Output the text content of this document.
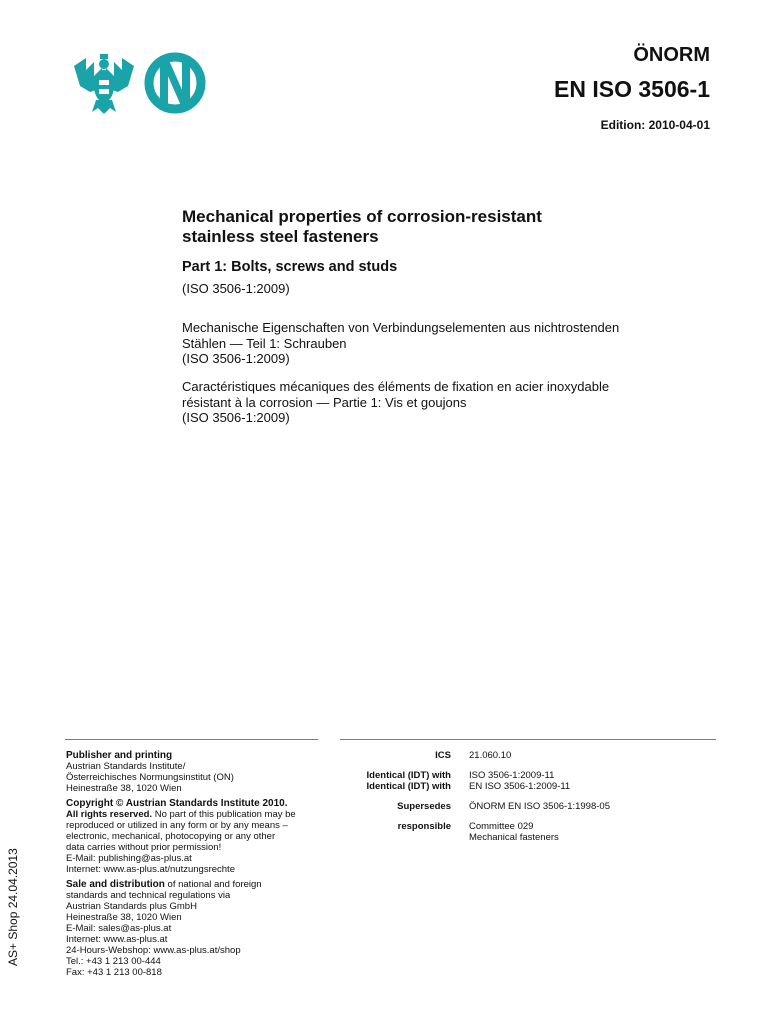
ÖNORM
EN ISO 3506-1
Edition: 2010-04-01

Mechanical properties of corrosion-resistant

stainless steel fasteners

Part 1: Bolts, screws and studs

(ISO 3506-1:2009)

Mechanische Eigenschaften von Verbindungselementen aus nichtrostenden

Stählen — Teil 1: Schrauben

(ISO 3506-1:2009)

Caractéristiques mécaniques des éléments de fixation en acier inoxydable

résistant à la corrosion — Partie 1: Vis et goujons

(ISO 3506-1:2009)

Publisher and printing
Austrian Standards Institute/
Österreichisches Normungsinstitut (ON)
Heinestraße 38, 1020 Wien
Copyright © Austrian Standards Institute 2010.
All rights reserved. No part of this publication may be
reproduced or utilized in any form or by any means –
electronic, mechanical, photocopying or any other
data carries without prior permission!
E-Mail: publishing@as-plus.at
Internet: www.as-plus.at/nutzungsrechte
Sale and distribution of national and foreign
standards and technical regulations via
Austrian Standards plus GmbH
Heinestraße 38, 1020 Wien
E-Mail: sales@as-plus.at
Internet: www.as-plus.at
24-Hours-Webshop: www.as-plus.at/shop
Tel.: +43 1 213 00-444
Fax: +43 1 213 00-818
ICS	21.060.10
Identical (IDT) with	ISO 3506-1:2009-11
Identical (IDT) with	EN ISO 3506-1:2009-11
Supersedes	ÖNORM EN ISO 3506-1:1998-05
responsible	Committee 029
Mechanical fasteners
AS+ Shop 24.04.2013
